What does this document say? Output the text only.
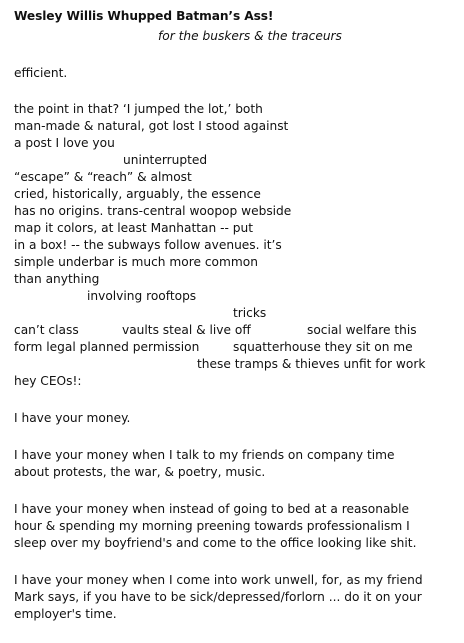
Wesley Willis Whupped Batman’s Ass!
for the buskers & the traceurs
efficient.
the point in that? ‘I jumped the lot,’ both
man-made & natural, got lost I stood against
a post I love you
uninterrupted
“escape” & “reach” & almost
cried, historically, arguably, the essence
has no origins. trans-central woopop webside
map it colors, at least Manhattan -- put
in a box! -- the subways follow avenues. it’s
simple underbar is much more common
than anything
involving rooftops
tricks
can’t class	vaults steal & live off	social welfare this
form legal planned permission	squatterhouse they sit on me
these tramps & thieves unfit for work
hey CEOs!:
I have your money.
I have your money when I talk to my friends on company time
about protests, the war, & poetry, music.
I have your money when instead of going to bed at a reasonable
hour & spending my morning preening towards professionalism I
sleep over my boyfriend's and come to the office looking like shit.
I have your money when I come into work unwell, for, as my friend
Mark says, if you have to be sick/depressed/forlorn ... do it on your
employer's time.
